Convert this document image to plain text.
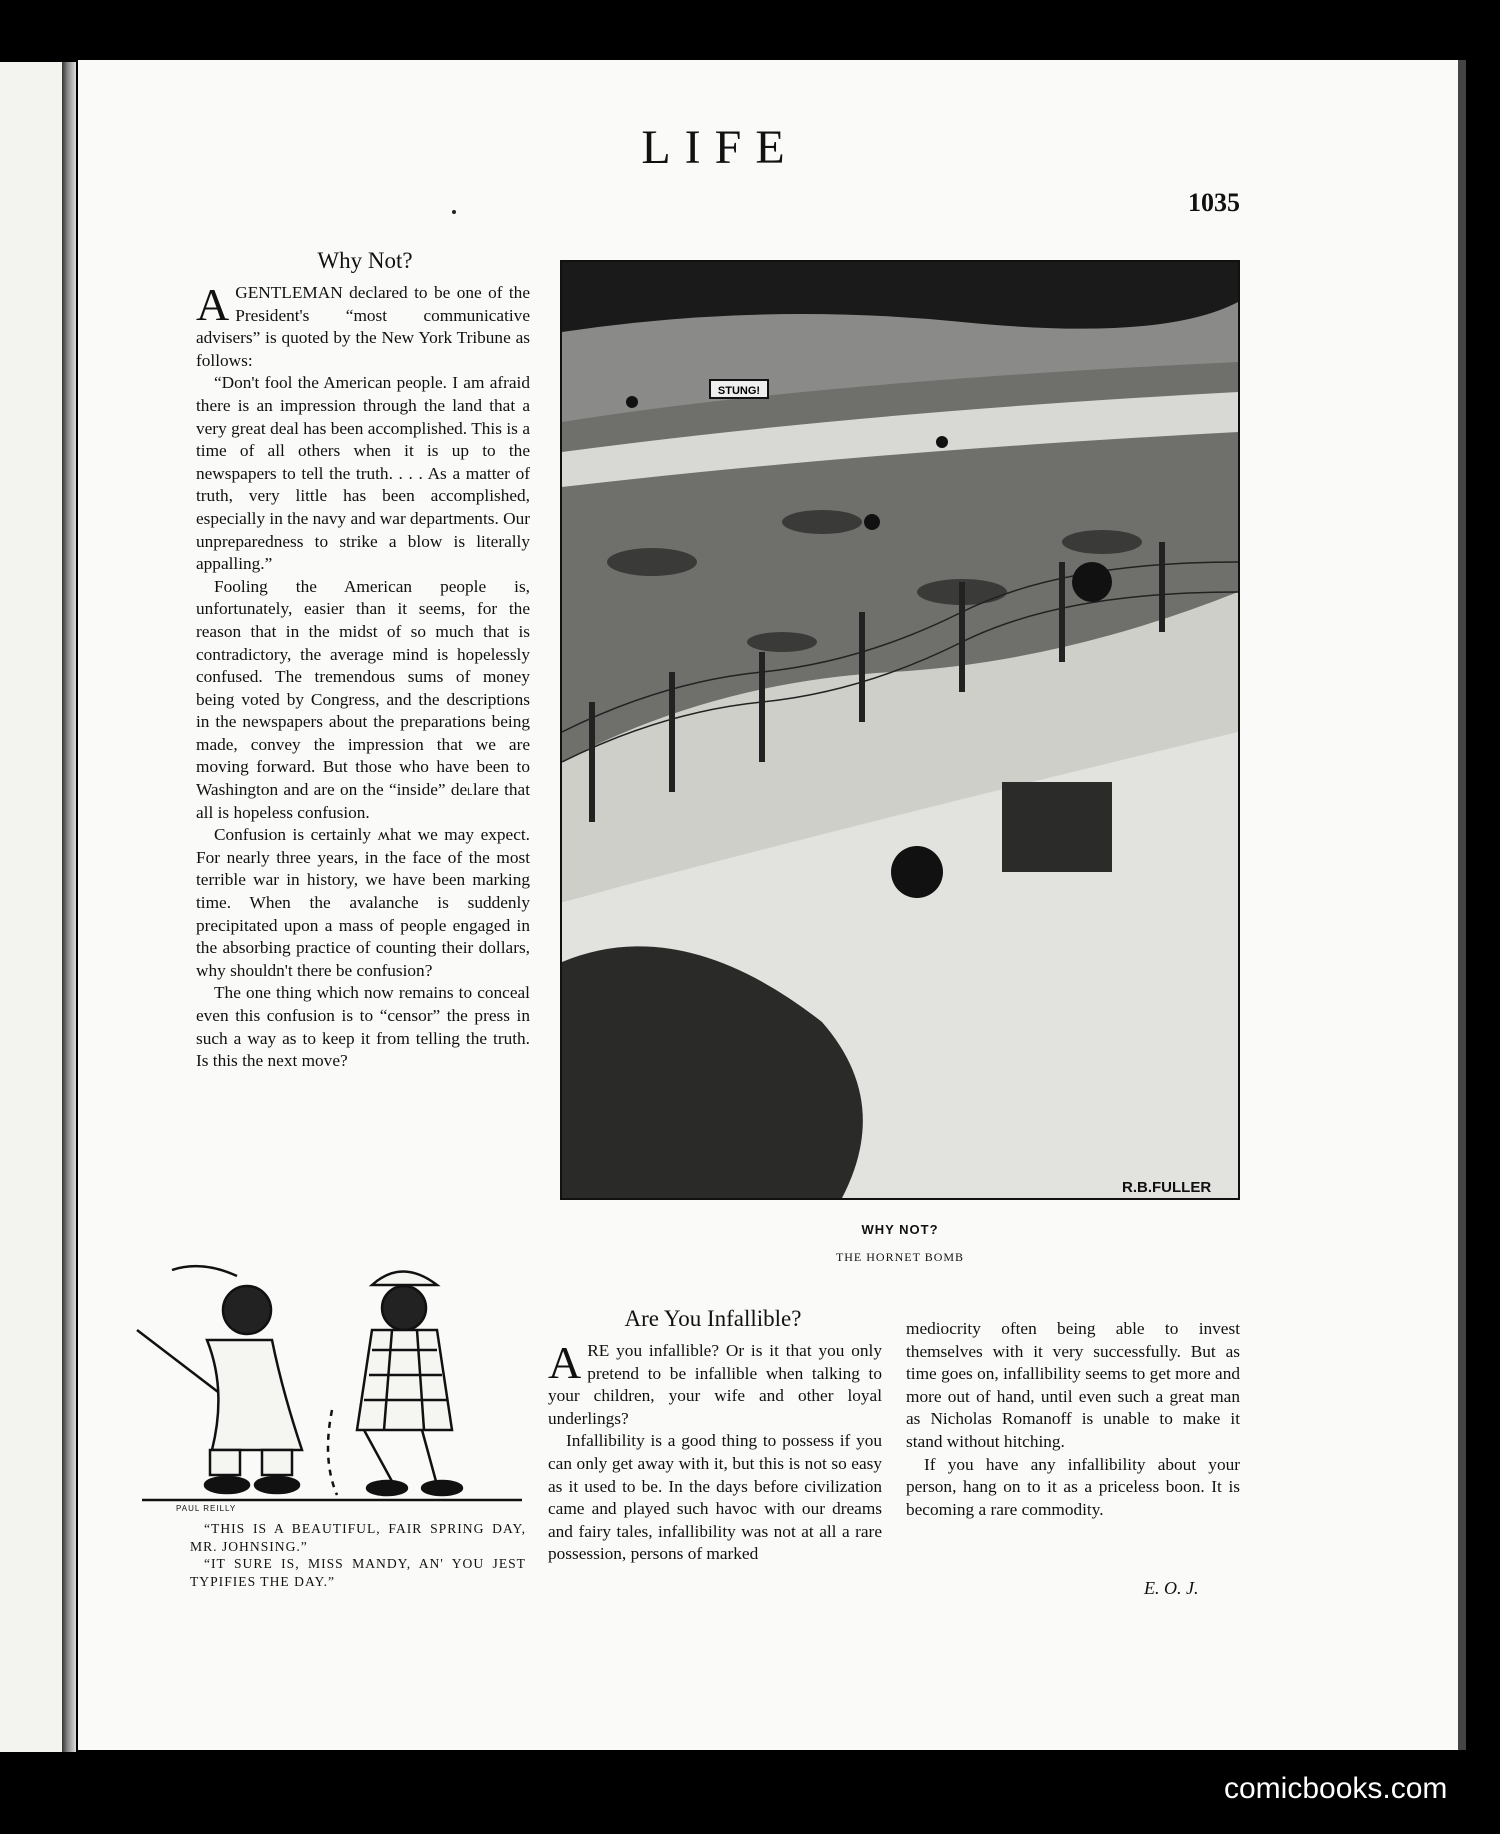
LIFE
1035
Why Not?

A GENTLEMAN declared to be one of the President's “most communicative advisers” is quoted by the New York Tribune as follows:

“Don't fool the American people. I am afraid there is an impression through the land that a very great deal has been accomplished. This is a time of all others when it is up to the newspapers to tell the truth. . . . As a matter of truth, very little has been accomplished, especially in the navy and war departments. Our unpreparedness to strike a blow is literally appalling.”

Fooling the American people is, unfortunately, easier than it seems, for the reason that in the midst of so much that is contradictory, the average mind is hopelessly confused. The tremendous sums of money being voted by Congress, and the descriptions in the newspapers about the preparations being made, convey the impression that we are moving forward. But those who have been to Washington and are on the “inside” de˪lare that all is hopeless confusion.

Confusion is certainly ʍhat we may expect. For nearly three years, in the face of the most terrible war in history, we have been marking time. When the avalanche is suddenly precipitated upon a mass of people engaged in the absorbing practice of counting their dollars, why shouldn't there be confusion?

The one thing which now remains to conceal even this confusion is to “censor” the press in such a way as to keep it from telling the truth. Is this the next move?

STUNG!
R.B.FULLER
WHY NOT?
THE HORNET BOMB
PAUL REILLY

“THIS IS A BEAUTIFUL, FAIR SPRING DAY, MR. JOHNSING.”

“IT SURE IS, MISS MANDY, AN' YOU JEST TYPIFIES THE DAY.”

Are You Infallible?

ARE you infallible? Or is it that you only pretend to be infallible when talking to your children, your wife and other loyal underlings?

Infallibility is a good thing to possess if you can only get away with it, but this is not so easy as it used to be. In the days before civilization came and played such havoc with our dreams and fairy tales, infallibility was not at all a rare possession, persons of marked

mediocrity often being able to invest themselves with it very successfully. But as time goes on, infallibility seems to get more and more out of hand, until even such a great man as Nicholas Romanoff is unable to make it stand without hitching.

If you have any infallibility about your person, hang on to it as a priceless boon. It is becoming a rare commodity.

E. O. J.
comicbooks.com
